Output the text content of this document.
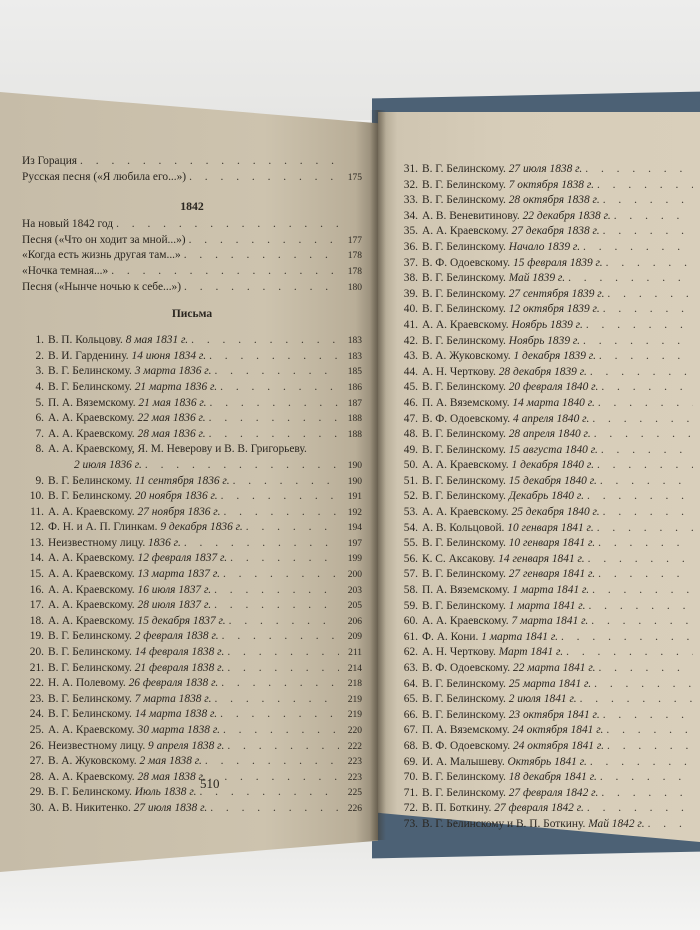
Из Горация
. . .
Русская песня («Я любила его...») . . .	175
1842
На новый 1842 год
. . .
Песня («Что он ходит за мной...») . . .	177
«Когда есть жизнь другая там...» . . .	178
«Ночка темная...» . . .	178
Песня («Нынче ночью к себе...») . . .	180
Письма
1. В. П. Кольцову. 8 мая 1831 г. . . .	183
2. В. И. Гарденину. 14 июня 1834 г. . . .	183
3. В. Г. Белинскому. 3 марта 1836 г. . . .	185
4. В. Г. Белинскому. 21 марта 1836 г. . . .	186
5. П. А. Вяземскому. 21 мая 1836 г. . . .	187
6. А. А. Краевскому. 22 мая 1836 г. . . .	188
7. А. А. Краевскому. 28 мая 1836 г. . . .	188
8. А. А. Краевскому, Я. М. Неверову и В. В. Григорьеву.
2 июля 1836 г. . . .	190
9. В. Г. Белинскому. 11 сентября 1836 г. . . .	190
10. В. Г. Белинскому. 20 ноября 1836 г. . . .	191
11. А. А. Краевскому. 27 ноября 1836 г. . . .	192
12. Ф. Н. и А. П. Глинкам. 9 декабря 1836 г. . . .	194
13. Неизвестному лицу. 1836 г. . . .	197
14. А. А. Краевскому. 12 февраля 1837 г. . . .	199
15. А. А. Краевскому. 13 марта 1837 г. . . .	200
16. А. А. Краевскому. 16 июля 1837 г. . . .	203
17. А. А. Краевскому. 28 июля 1837 г. . . .	205
18. А. А. Краевскому. 15 декабря 1837 г. . . .	206
19. В. Г. Белинскому. 2 февраля 1838 г. . . .	209
20. В. Г. Белинскому. 14 февраля 1838 г. . . .	211
21. В. Г. Белинскому. 21 февраля 1838 г. . . .	214
22. Н. А. Полевому. 26 февраля 1838 г. . . .	218
23. В. Г. Белинскому. 7 марта 1838 г. . . .	219
24. В. Г. Белинскому. 14 марта 1838 г. . . .	219
25. А. А. Краевскому. 30 марта 1838 г. . . .	220
26. Неизвестному лицу. 9 апреля 1838 г. . . .	222
27. В. А. Жуковскому. 2 мая 1838 г. . . .	223
28. А. А. Краевскому. 28 мая 1838 г. . . .	223
29. В. Г. Белинскому. Июль 1838 г. . . .	225
30. А. В. Никитенко. 27 июля 1838 г. . . .	226
31. В. Г. Белинскому. 27 июля 1838 г.
. . .
32. В. Г. Белинскому. 7 октября 1838 г.
. . .
33. В. Г. Белинскому. 28 октября 1838 г.
. . .
34. А. В. Веневитинову. 22 декабря 1838 г.
. . .
35. А. А. Краевскому. 27 декабря 1838 г.
. . .
36. В. Г. Белинскому. Начало 1839 г.
. . .
37. В. Ф. Одоевскому. 15 февраля 1839 г.
. . .
38. В. Г. Белинскому. Май 1839 г.
. . .
39. В. Г. Белинскому. 27 сентября 1839 г.
. . .
40. В. Г. Белинскому. 12 октября 1839 г.
. . .
41. А. А. Краевскому. Ноябрь 1839 г.
. . .
42. В. Г. Белинскому. Ноябрь 1839 г.
. . .
43. В. А. Жуковскому. 1 декабря 1839 г.
. . .
44. А. Н. Черткову. 28 декабря 1839 г.
. . .
45. В. Г. Белинскому. 20 февраля 1840 г.
. . .
46. П. А. Вяземскому. 14 марта 1840 г.
. . .
47. В. Ф. Одоевскому. 4 апреля 1840 г.
. . .
48. В. Г. Белинскому. 28 апреля 1840 г.
. . .
49. В. Г. Белинскому. 15 августа 1840 г.
. . .
50. А. А. Краевскому. 1 декабря 1840 г.
. . .
51. В. Г. Белинскому. 15 декабря 1840 г.
. . .
52. В. Г. Белинскому. Декабрь 1840 г.
. . .
53. А. А. Краевскому. 25 декабря 1840 г.
. . .
54. А. В. Кольцовой. 10 генваря 1841 г.
. . .
55. В. Г. Белинскому. 10 генваря 1841 г.
. . .
56. К. С. Аксакову. 14 генваря 1841 г.
. . .
57. В. Г. Белинскому. 27 генваря 1841 г.
. . .
58. П. А. Вяземскому. 1 марта 1841 г.
. . .
59. В. Г. Белинскому. 1 марта 1841 г.
. . .
60. А. А. Краевскому. 7 марта 1841 г.
. . .
61. Ф. А. Кони. 1 марта 1841 г.
. . .
62. А. Н. Черткову. Март 1841 г.
. . .
63. В. Ф. Одоевскому. 22 марта 1841 г.
. . .
64. В. Г. Белинскому. 25 марта 1841 г.
. . .
65. В. Г. Белинскому. 2 июля 1841 г.
. . .
66. В. Г. Белинскому. 23 октября 1841 г.
. . .
67. П. А. Вяземскому. 24 октября 1841 г.
. . .
68. В. Ф. Одоевскому. 24 октября 1841 г.
. . .
69. И. А. Малышеву. Октябрь 1841 г.
. . .
70. В. Г. Белинскому. 18 декабря 1841 г.
. . .
71. В. Г. Белинскому. 27 февраля 1842 г.
. . .
72. В. П. Боткину. 27 февраля 1842 г.
. . .
73. В. Г. Белинскому и В. П. Боткину. Май 1842 г.
. . .
510
